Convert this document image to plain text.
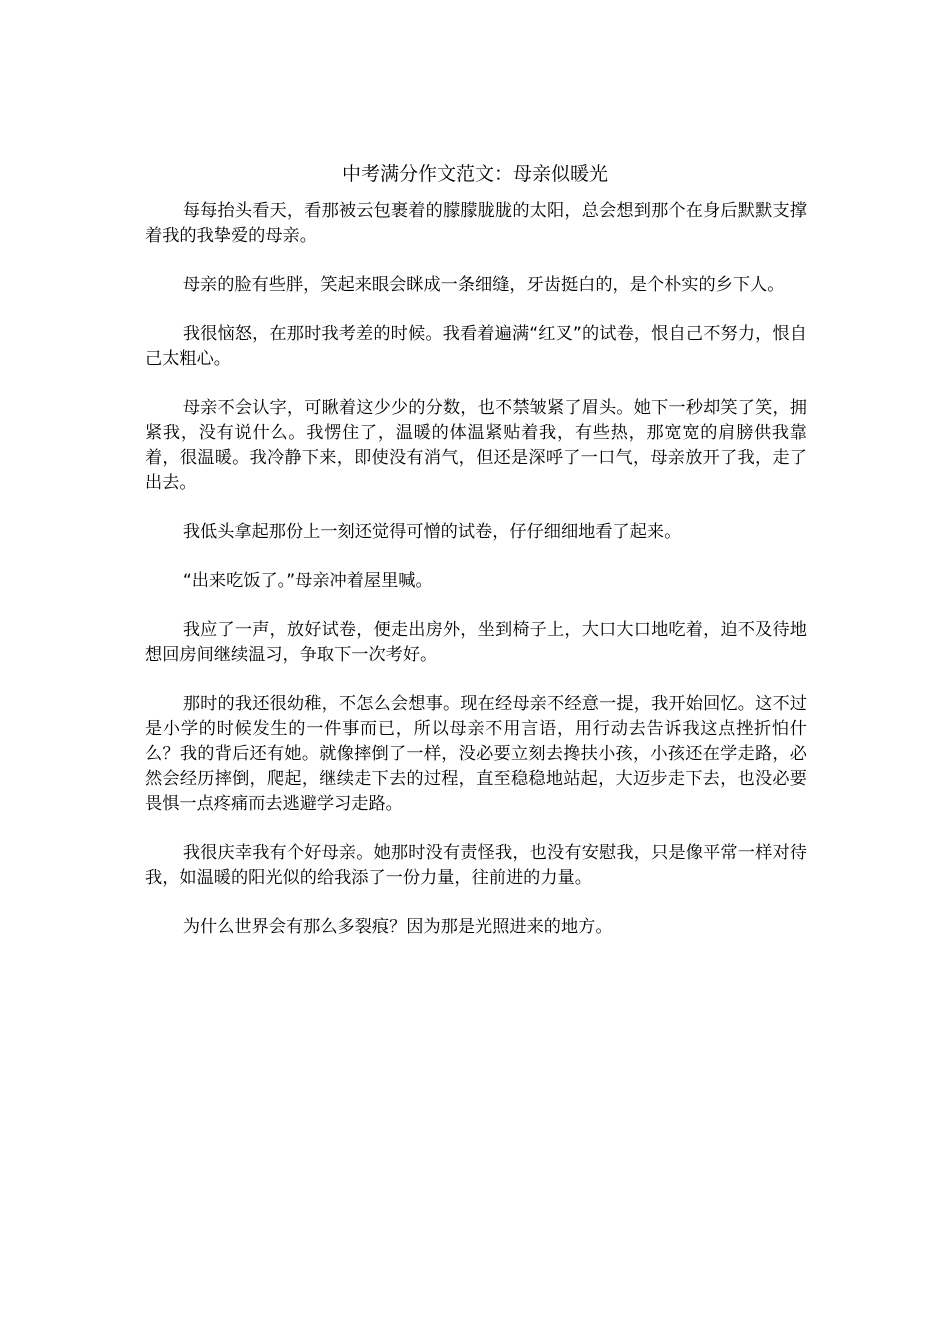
中考满分作文范文：母亲似暖光

每每抬头看天，看那被云包裹着的朦朦胧胧的太阳，总会想到那个在身后默默支撑着我的我挚爱的母亲。

母亲的脸有些胖，笑起来眼会眯成一条细缝，牙齿挺白的，是个朴实的乡下人。

我很恼怒，在那时我考差的时候。我看着遍满“红叉”的试卷，恨自己不努力，恨自己太粗心。

母亲不会认字，可瞅着这少少的分数，也不禁皱紧了眉头。她下一秒却笑了笑，拥紧我，没有说什么。我愣住了，温暖的体温紧贴着我，有些热，那宽宽的肩膀供我靠着，很温暖。我冷静下来，即使没有消气，但还是深呼了一口气，母亲放开了我，走了出去。

我低头拿起那份上一刻还觉得可憎的试卷，仔仔细细地看了起来。

“出来吃饭了。”母亲冲着屋里喊。

我应了一声，放好试卷，便走出房外，坐到椅子上，大口大口地吃着，迫不及待地想回房间继续温习，争取下一次考好。

那时的我还很幼稚，不怎么会想事。现在经母亲不经意一提，我开始回忆。这不过是小学的时候发生的一件事而已，所以母亲不用言语，用行动去告诉我这点挫折怕什么？我的背后还有她。就像摔倒了一样，没必要立刻去搀扶小孩，小孩还在学走路，必然会经历摔倒，爬起，继续走下去的过程，直至稳稳地站起，大迈步走下去，也没必要畏惧一点疼痛而去逃避学习走路。

我很庆幸我有个好母亲。她那时没有责怪我，也没有安慰我，只是像平常一样对待我，如温暖的阳光似的给我添了一份力量，往前进的力量。

为什么世界会有那么多裂痕？因为那是光照进来的地方。
